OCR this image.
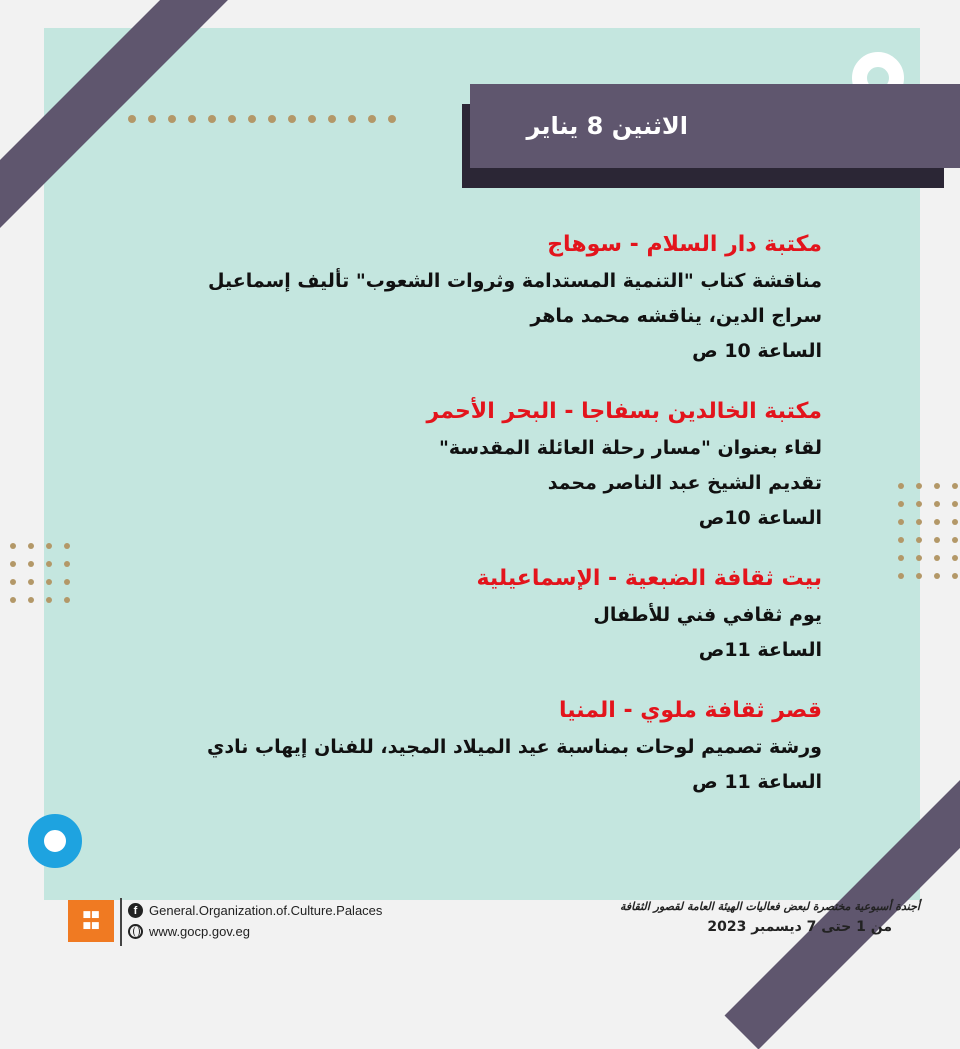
الاثنين 8 يناير
مكتبة دار السلام - سوهاج
مناقشة كتاب "التنمية المستدامة وثروات الشعوب" تأليف إسماعيل
سراج الدين، يناقشه محمد ماهر
الساعة 10 ص
مكتبة الخالدين بسفاجا - البحر الأحمر
لقاء بعنوان "مسار رحلة العائلة المقدسة"
تقديم الشيخ عبد الناصر محمد
الساعة 10ص
بيت ثقافة الضبعية - الإسماعيلية
يوم ثقافي فني للأطفال
الساعة 11ص
قصر ثقافة ملوي - المنيا
ورشة تصميم لوحات بمناسبة عيد الميلاد المجيد، للفنان إيهاب نادي
الساعة 11 ص
■■
■■
f General.Organization.of.Culture.Palaces
www.gocp.gov.eg
أجندة أسبوعية مختصرة لبعض فعاليات الهيئة العامة لقصور الثقافة
من 1 حتى 7 ديسمبر 2023
